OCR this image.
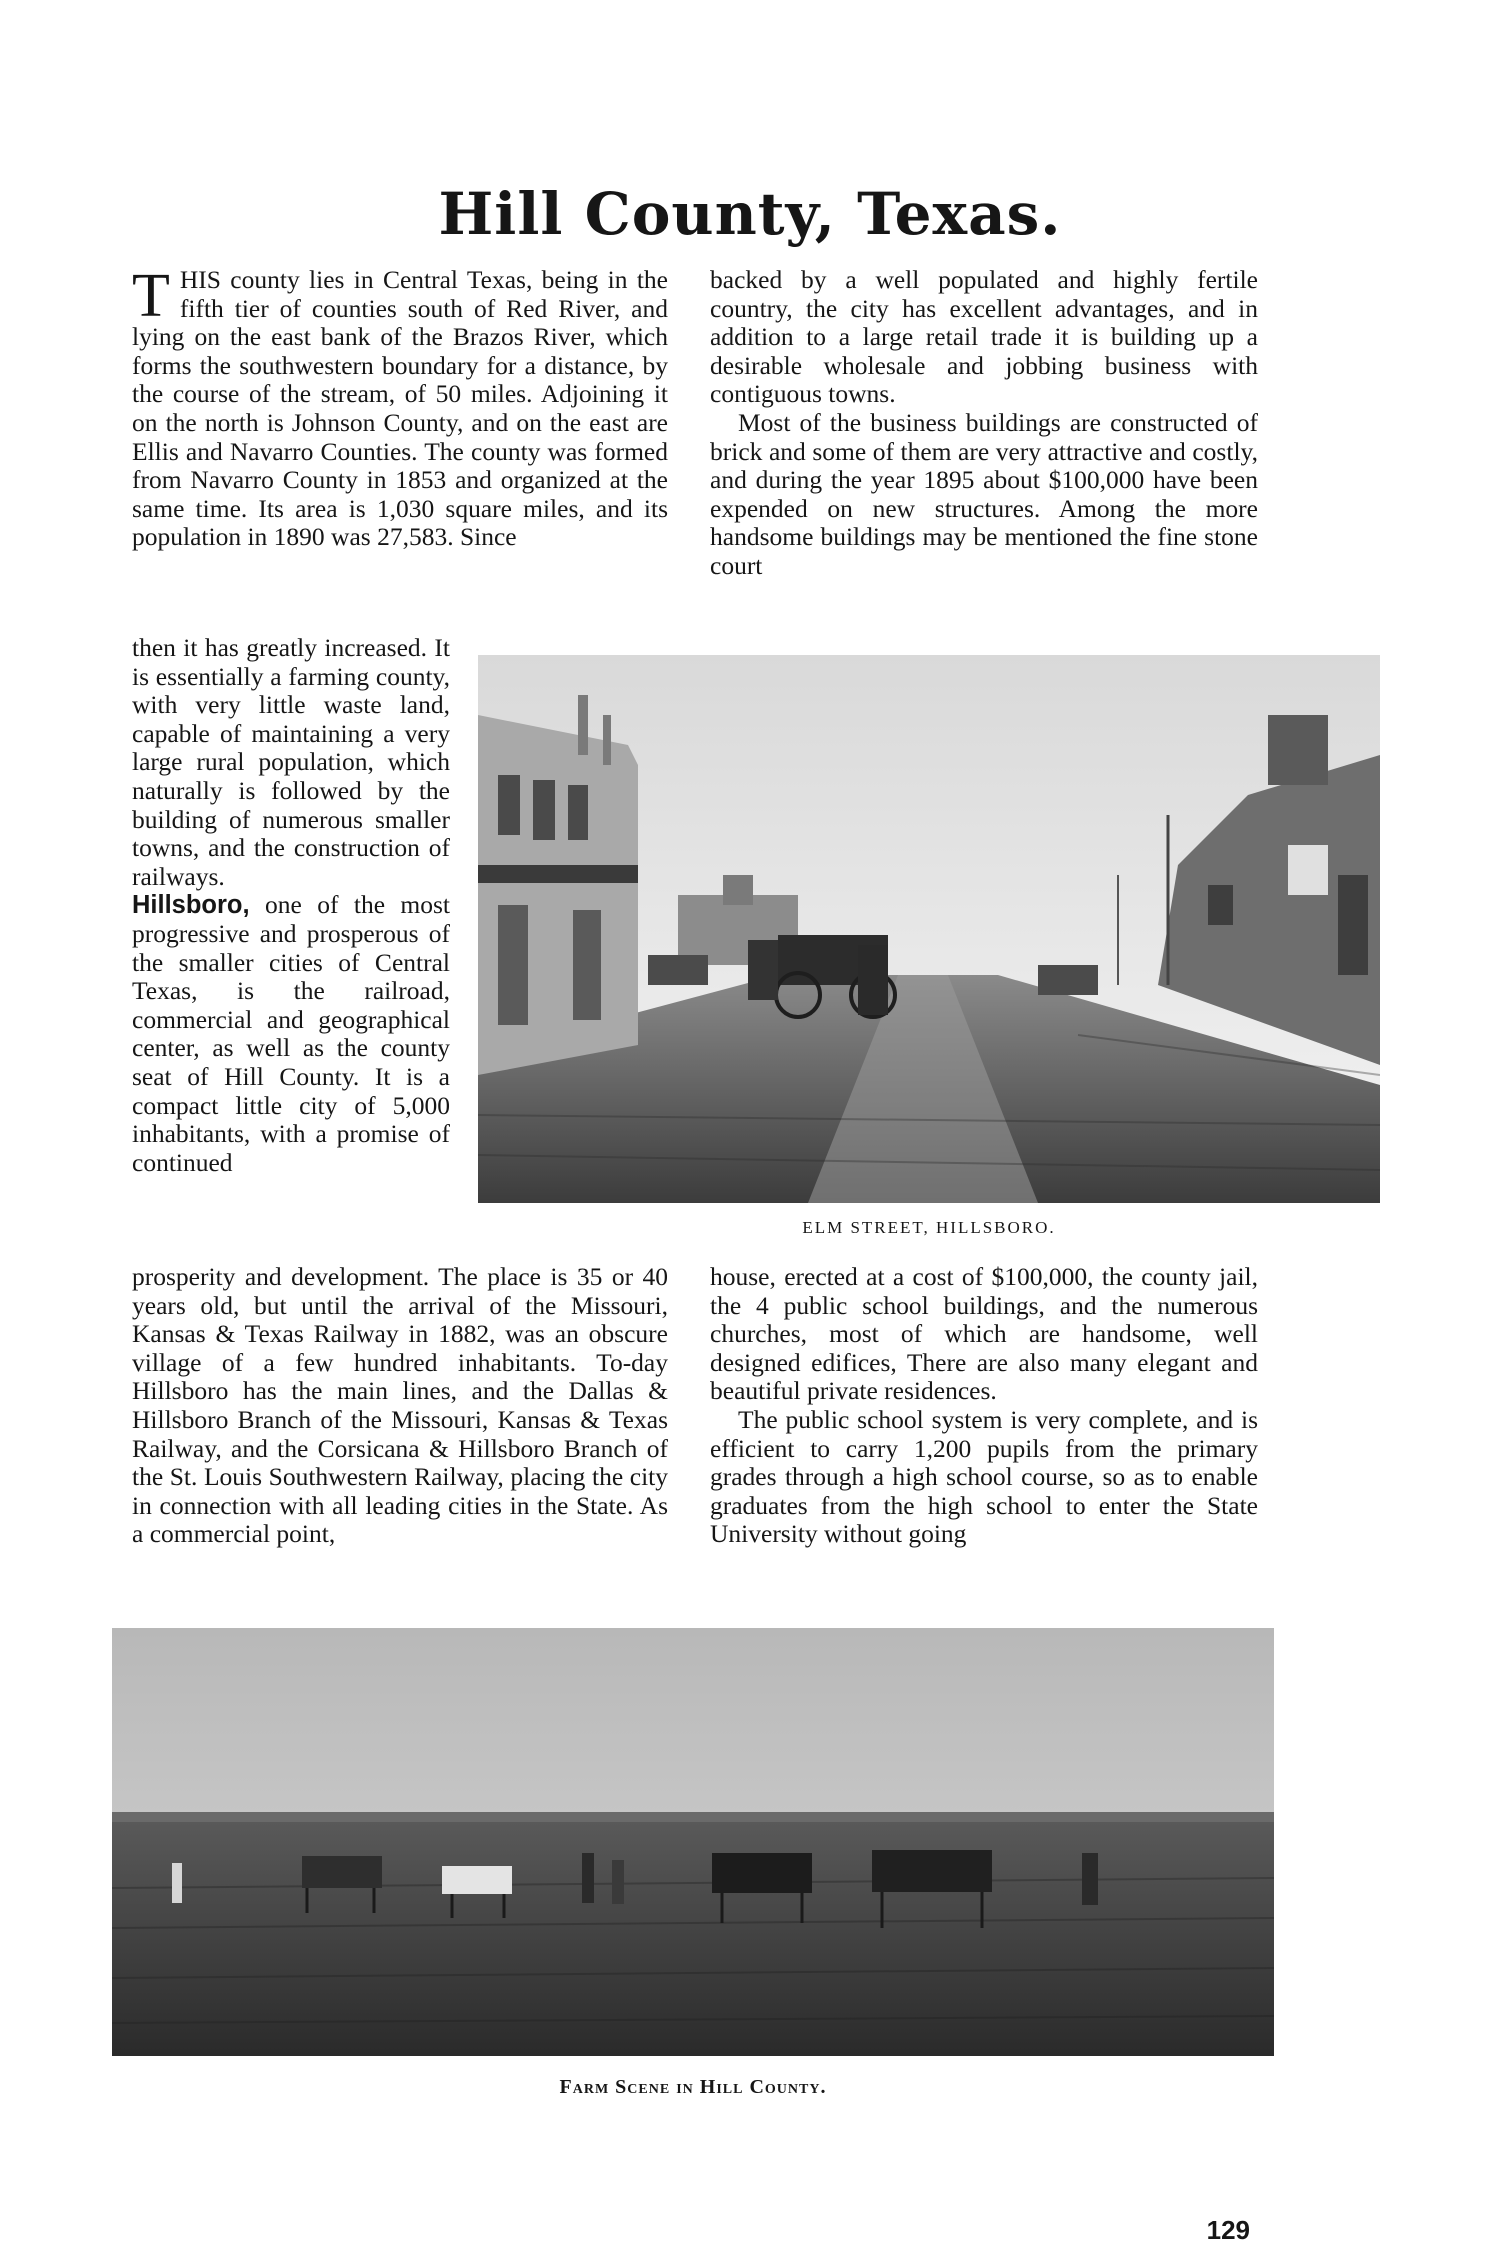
Hill County, Texas.
T HIS county lies in Central Texas, being in the fifth tier of counties south of Red River, and lying on the east bank of the Brazos River, which forms the southwestern boundary for a distance, by the course of the stream, of 50 miles. Adjoining it on the north is Johnson County, and on the east are Ellis and Navarro Counties. The county was formed from Navarro County in 1853 and organized at the same time. Its area is 1,030 square miles, and its population in 1890 was 27,583. Since

then it has greatly increased. It is essentially a farming county, with very little waste land, capable of maintaining a very large rural population, which naturally is followed by the building of numerous smaller towns, and the construction of railways.

Hillsboro, one of the most progressive and prosperous of the smaller cities of Central Texas, is the railroad, commercial and geographical center, as well as the county seat of Hill County. It is a compact little city of 5,000 inhabitants, with a promise of continued

prosperity and development. The place is 35 or 40 years old, but until the arrival of the Missouri, Kansas & Texas Railway in 1882, was an obscure village of a few hundred inhabitants. To-day Hillsboro has the main lines, and the Dallas & Hillsboro Branch of the Missouri, Kansas & Texas Railway, and the Corsicana & Hillsboro Branch of the St. Louis Southwestern Railway, placing the city in connection with all leading cities in the State. As a commercial point,

backed by a well populated and highly fertile country, the city has excellent advantages, and in addition to a large retail trade it is building up a desirable wholesale and jobbing business with contiguous towns.

Most of the business buildings are constructed of brick and some of them are very attractive and costly, and during the year 1895 about $100,000 have been expended on new structures. Among the more handsome buildings may be mentioned the fine stone court

ELM STREET, HILLSBORO.

house, erected at a cost of $100,000, the county jail, the 4 public school buildings, and the numerous churches, most of which are handsome, well designed edifices, There are also many elegant and beautiful private residences.

The public school system is very complete, and is efficient to carry 1,200 pupils from the primary grades through a high school course, so as to enable graduates from the high school to enter the State University without going

Farm Scene in Hill County.
129
